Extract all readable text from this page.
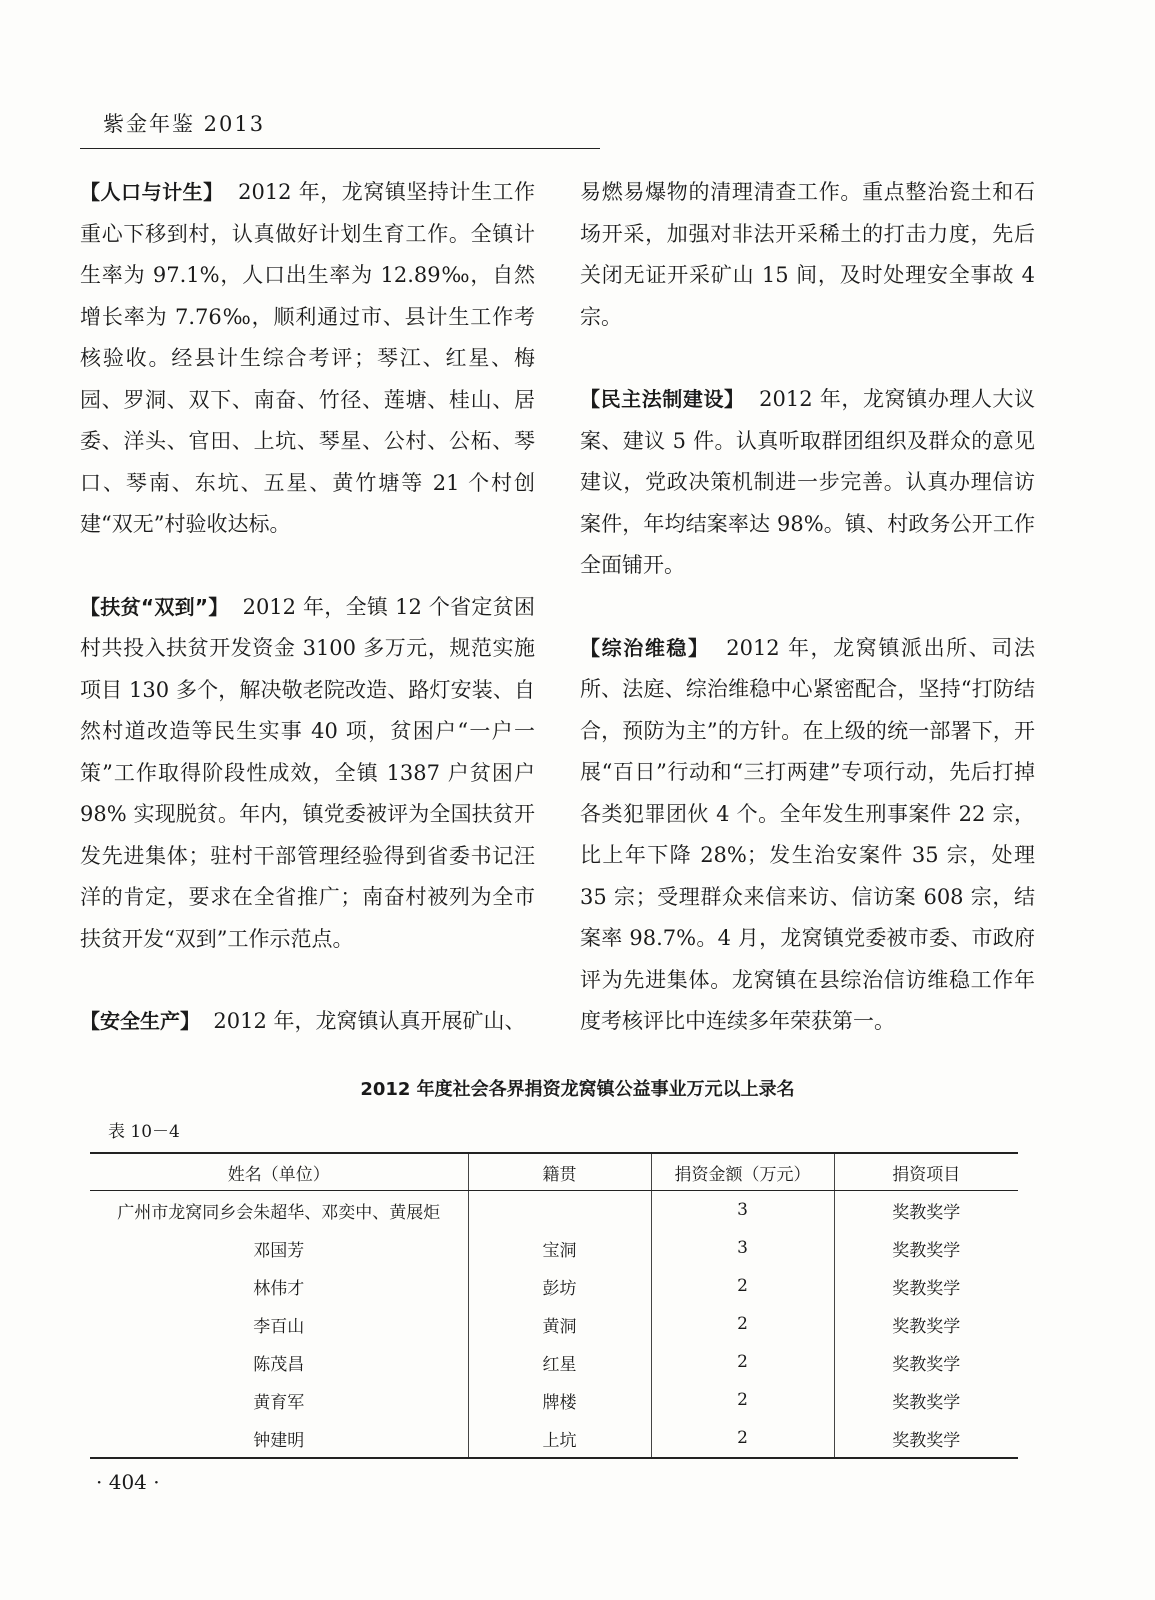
紫金年鉴 2013

【人口与计生】 2012 年，龙窝镇坚持计生工作重心下移到村，认真做好计划生育工作。全镇计生率为 97.1%，人口出生率为 12.89‰，自然增长率为 7.76‰，顺利通过市、县计生工作考核验收。经县计生综合考评；琴江、红星、梅园、罗洞、双下、南奋、竹径、莲塘、桂山、居委、洋头、官田、上坑、琴星、公村、公柘、琴口、琴南、东坑、五星、黄竹塘等 21 个村创建“双无”村验收达标。

【扶贫“双到”】 2012 年，全镇 12 个省定贫困村共投入扶贫开发资金 3100 多万元，规范实施项目 130 多个，解决敬老院改造、路灯安装、自然村道改造等民生实事 40 项，贫困户“一户一策”工作取得阶段性成效，全镇 1387 户贫困户 98% 实现脱贫。年内，镇党委被评为全国扶贫开发先进集体；驻村干部管理经验得到省委书记汪洋的肯定，要求在全省推广；南奋村被列为全市扶贫开发“双到”工作示范点。

【安全生产】 2012 年，龙窝镇认真开展矿山、

易燃易爆物的清理清查工作。重点整治瓷土和石场开采，加强对非法开采稀土的打击力度，先后关闭无证开采矿山 15 间，及时处理安全事故 4 宗。

【民主法制建设】 2012 年，龙窝镇办理人大议案、建议 5 件。认真听取群团组织及群众的意见建议，党政决策机制进一步完善。认真办理信访案件，年均结案率达 98%。镇、村政务公开工作全面铺开。

【综治维稳】 2012 年，龙窝镇派出所、司法所、法庭、综治维稳中心紧密配合，坚持“打防结合，预防为主”的方针。在上级的统一部署下，开展“百日”行动和“三打两建”专项行动，先后打掉各类犯罪团伙 4 个。全年发生刑事案件 22 宗，比上年下降 28%；发生治安案件 35 宗，处理 35 宗；受理群众来信来访、信访案 608 宗，结案率 98.7%。4 月，龙窝镇党委被市委、市政府评为先进集体。龙窝镇在县综治信访维稳工作年度考核评比中连续多年荣获第一。

2012 年度社会各界捐资龙窝镇公益事业万元以上录名
表 10－4
姓名（单位）	籍贯	捐资金额（万元）	捐资项目
广州市龙窝同乡会朱超华、邓奕中、黄展炬		3	奖教奖学
邓国芳	宝洞	3	奖教奖学
林伟才	彭坊	2	奖教奖学
李百山	黄洞	2	奖教奖学
陈茂昌	红星	2	奖教奖学
黄育军	牌楼	2	奖教奖学
钟建明	上坑	2	奖教奖学
· 404 ·
